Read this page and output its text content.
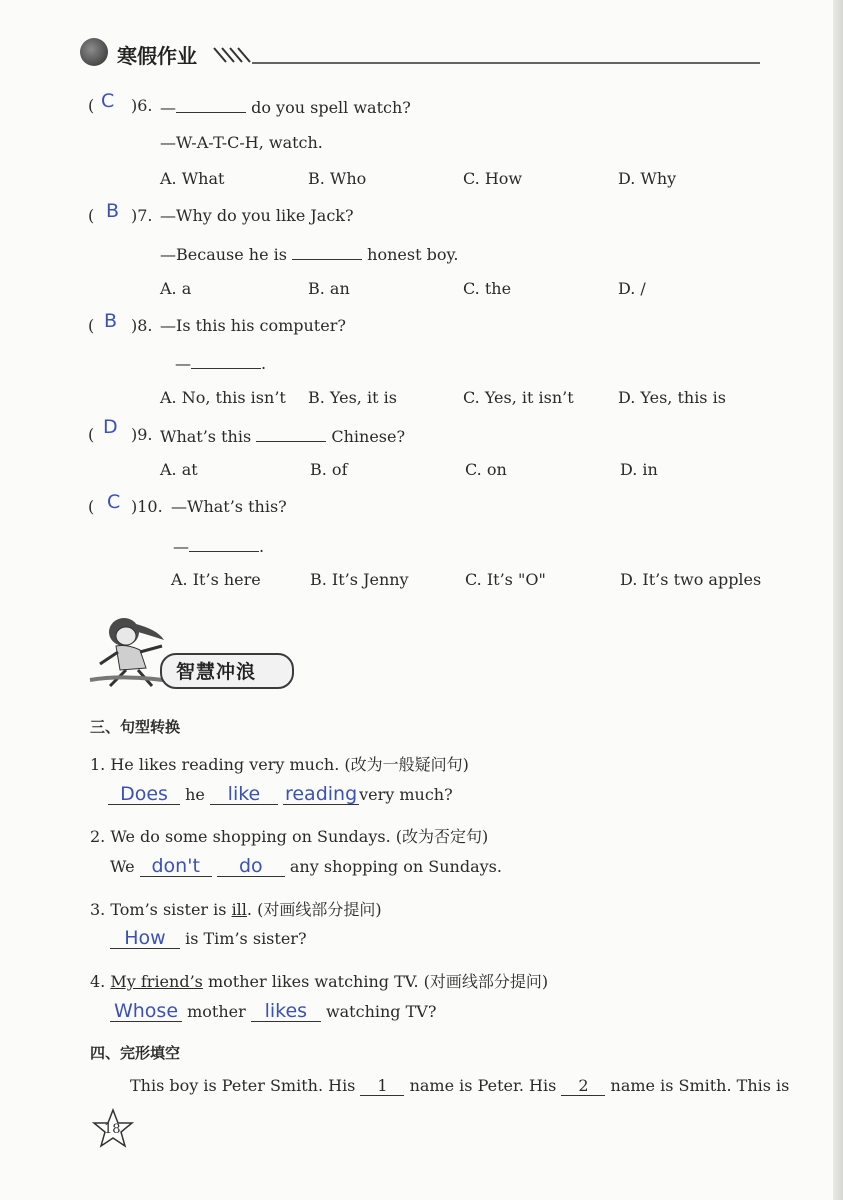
寒假作业
( C )6. —	do you spell watch?
—W-A-T-C-H, watch.
A. What	B. Who	C. How	D. Why
( B )7. —Why do you like Jack?
—Because he is	honest boy.
A. a	B. an	C. the	D. /
( B )8. —Is this his computer?
—	.
A. No, this isn’t B. Yes, it is	C. Yes, it isn’t	D. Yes, this is
( D )9. What’s this	Chinese?
A. at	B. of	C. on	D. in
( C )10. —What’s this?
—	.
A. It’s here	B. It’s Jenny	C. It’s "O"	D. It’s two apples
智慧冲浪
三、句型转换
1. He likes reading very much. (改为一般疑问句)
Does he like reading very much?
2. We do some shopping on Sundays. (改为否定句)
We don't do any shopping on Sundays.
3. Tom’s sister is ill. (对画线部分提问)
How is Tim’s sister?
4. My friend’s mother likes watching TV. (对画线部分提问)
Whose mother likes watching TV?
四、完形填空
This boy is Peter Smith. His 1 name is Peter. His 2 name is Smith. This is
18
